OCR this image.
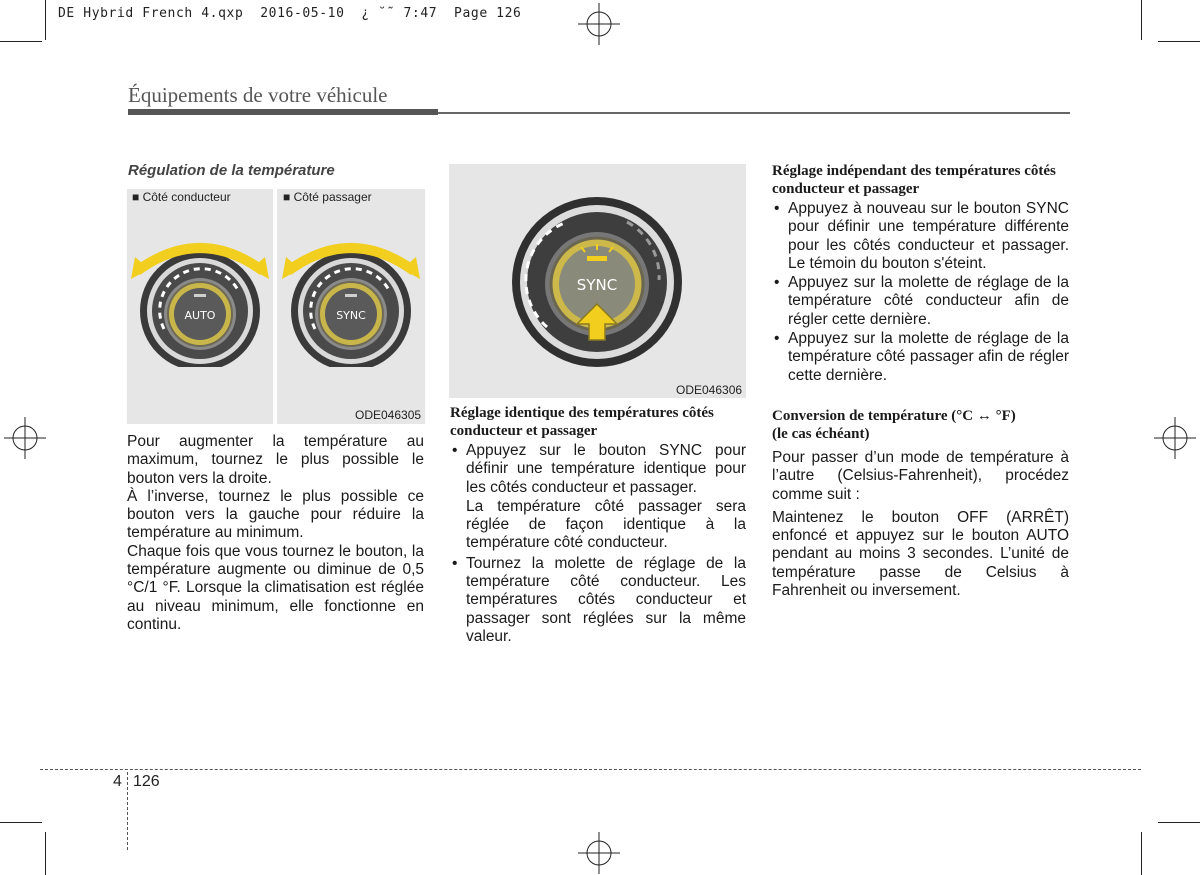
DE Hybrid French 4.qxp  2016-05-10  ¿ ˘˜ 7:47  Page 126
Équipements de votre véhicule
Régulation de la température
■ Côté conducteur	■ Côté passager
AUTO	SYNC
ODE046305

Pour augmenter la température au maximum, tournez le plus possible le bouton vers la droite.

À l’inverse, tournez le plus possible ce bouton vers la gauche pour réduire la température au minimum.

Chaque fois que vous tournez le bouton, la température augmente ou diminue de 0,5 °C/1 °F. Lorsque la climatisation est réglée au niveau minimum, elle fonctionne en continu.

SYNC
ODE046306
Réglage identique des températures côtés conducteur et passager
• Appuyez sur le bouton SYNC pour définir une température identique pour les côtés conducteur et passager.

La température côté passager sera réglée de façon identique à la température côté conducteur.

• Tournez la molette de réglage de la température côté conducteur. Les températures côtés conducteur et passager sont réglées sur la même valeur.
Réglage indépendant des températures côtés conducteur et passager
• Appuyez à nouveau sur le bouton SYNC pour définir une température différente pour les côtés conducteur et passager. Le témoin du bouton s'éteint.
• Appuyez sur la molette de réglage de la température côté conducteur afin de régler cette dernière.
• Appuyez sur la molette de réglage de la température côté passager afin de régler cette dernière.
Conversion de température (°C ↔ °F)
(le cas échéant)

Pour passer d’un mode de température à l’autre (Celsius-Fahrenheit), procédez comme suit :

Maintenez le bouton OFF (ARRÊT) enfoncé et appuyez sur le bouton AUTO pendant au moins 3 secondes. L’unité de température passe de Celsius à Fahrenheit ou inversement.

4 126
